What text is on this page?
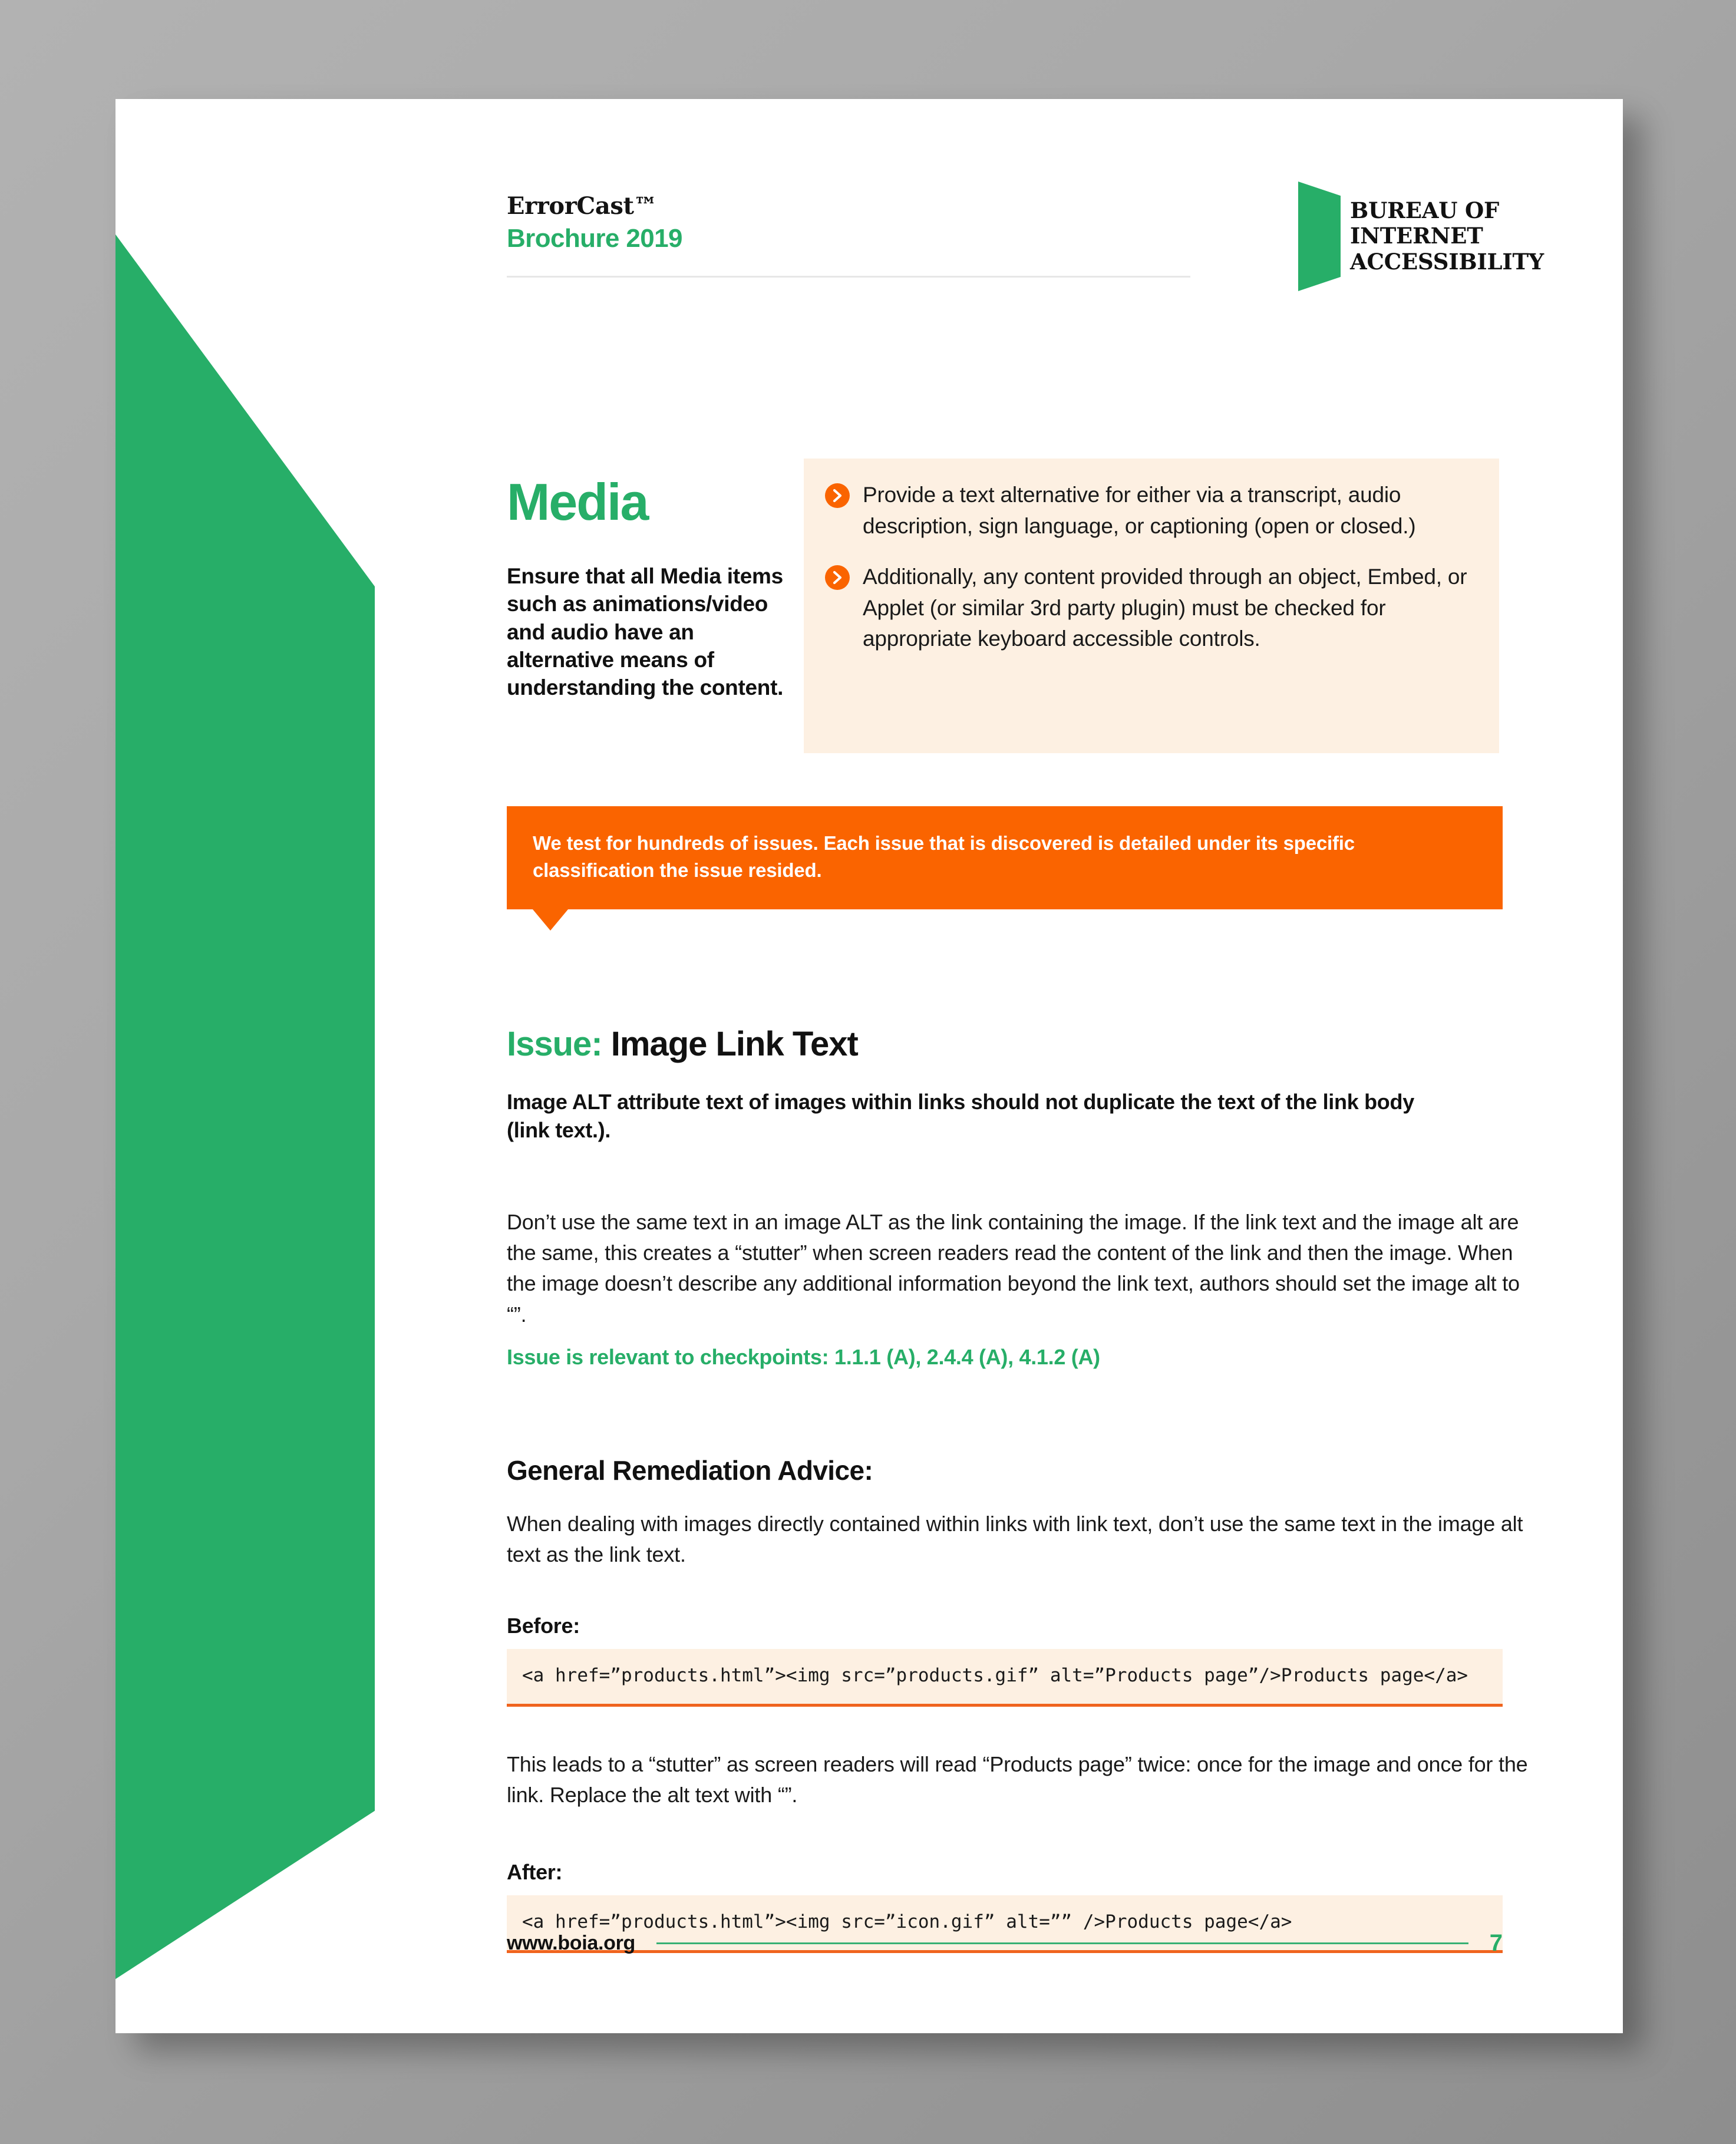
ErrorCast™
Brochure 2019
BUREAU OF
INTERNET
ACCESSIBILITY
Media
Ensure that all Media items such as animations/video and audio have an alternative means of understanding the content.
Provide a text alternative for either via a transcript, audio description, sign language, or captioning (open or closed.)
Additionally, any content provided through an object, Embed, or Applet (or similar 3rd party plugin) must be checked for appropriate keyboard accessible controls.
We test for hundreds of issues. Each issue that is discovered is detailed under its specific classification the issue resided.
Issue: Image Link Text
Image ALT attribute text of images within links should not duplicate the text of the link body (link text.).
Don’t use the same text in an image ALT as the link containing the image. If the link text and the image alt are the same, this creates a “stutter” when screen readers read the content of the link and then the image. When the image doesn’t describe any additional information beyond the link text, authors should set the image alt to “”.
Issue is relevant to checkpoints: 1.1.1 (A), 2.4.4 (A), 4.1.2 (A)
General Remediation Advice:
When dealing with images directly contained within links with link text, don’t use the same text in the image alt text as the link text.
Before:
<a href=”products.html”><img src=”products.gif” alt=”Products page”/>Products page</a>
This leads to a “stutter” as screen readers will read “Products page” twice: once for the image and once for the link. Replace the alt text with “”.
After:
<a href=”products.html”><img src=”icon.gif” alt=”” />Products page</a>
www.boia.org	7
